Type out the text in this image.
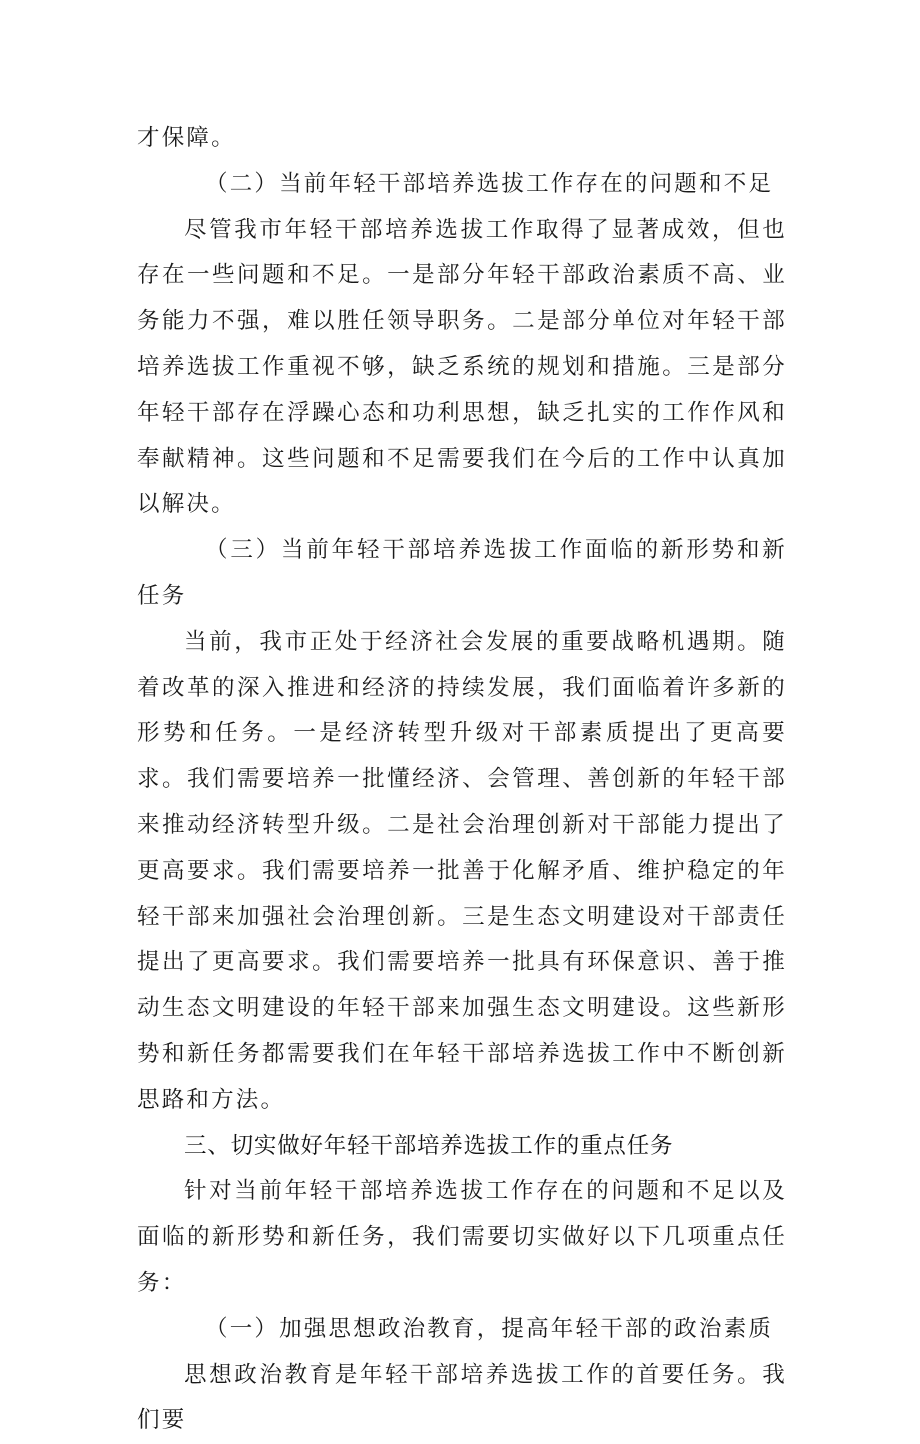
才保障。

（二）当前年轻干部培养选拔工作存在的问题和不足

尽管我市年轻干部培养选拔工作取得了显著成效，但也存在一些问题和不足。一是部分年轻干部政治素质不高、业务能力不强，难以胜任领导职务。二是部分单位对年轻干部培养选拔工作重视不够，缺乏系统的规划和措施。三是部分年轻干部存在浮躁心态和功利思想，缺乏扎实的工作作风和奉献精神。这些问题和不足需要我们在今后的工作中认真加以解决。

（三）当前年轻干部培养选拔工作面临的新形势和新任务

当前，我市正处于经济社会发展的重要战略机遇期。随着改革的深入推进和经济的持续发展，我们面临着许多新的形势和任务。一是经济转型升级对干部素质提出了更高要求。我们需要培养一批懂经济、会管理、善创新的年轻干部来推动经济转型升级。二是社会治理创新对干部能力提出了更高要求。我们需要培养一批善于化解矛盾、维护稳定的年轻干部来加强社会治理创新。三是生态文明建设对干部责任提出了更高要求。我们需要培养一批具有环保意识、善于推动生态文明建设的年轻干部来加强生态文明建设。这些新形势和新任务都需要我们在年轻干部培养选拔工作中不断创新思路和方法。

三、切实做好年轻干部培养选拔工作的重点任务

针对当前年轻干部培养选拔工作存在的问题和不足以及面临的新形势和新任务，我们需要切实做好以下几项重点任务：

（一）加强思想政治教育，提高年轻干部的政治素质

思想政治教育是年轻干部培养选拔工作的首要任务。我们要
